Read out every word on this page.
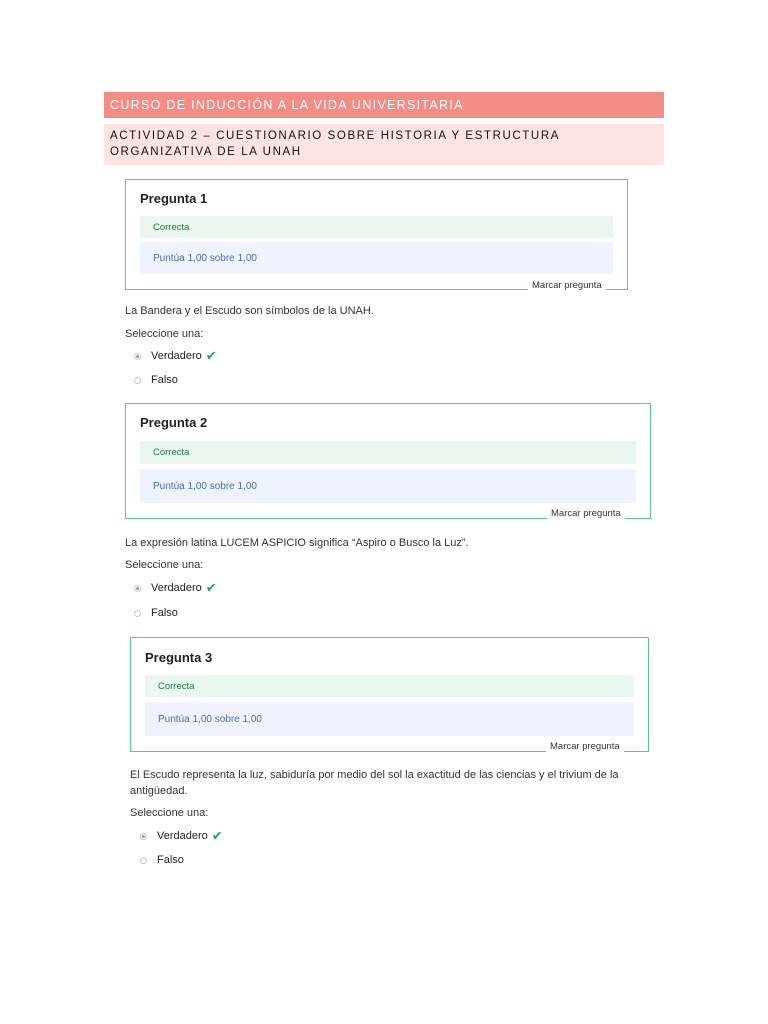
CURSO DE INDUCCIÓN A LA VIDA UNIVERSITARIA
ACTIVIDAD 2 – CUESTIONARIO SOBRE HISTORIA Y ESTRUCTURA ORGANIZATIVA DE LA UNAH
Pregunta 1
Correcta
Puntúa 1,00 sobre 1,00
Marcar pregunta
La Bandera y el Escudo son símbolos de la UNAH.
Seleccione una:
Verdadero ✔
Falso
Pregunta 2
Correcta
Puntúa 1,00 sobre 1,00
Marcar pregunta
La expresión latina LUCEM ASPICIO significa “Aspiro o Busco la Luz”.
Seleccione una:
Verdadero ✔
Falso
Pregunta 3
Correcta
Puntúa 1,00 sobre 1,00
Marcar pregunta
El Escudo representa la luz, sabiduría por medio del sol la exactitud de las ciencias y el trivium de la antigüedad.
Seleccione una:
Verdadero ✔
Falso
